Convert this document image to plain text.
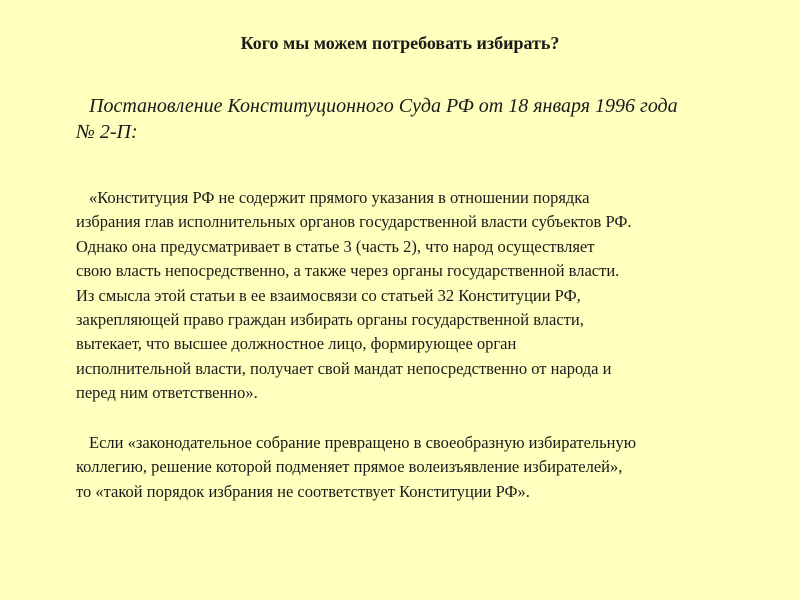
Кого мы можем потребовать избирать?

Постановление Конституционного Суда РФ от 18 января 1996 года
№ 2-П:

«Конституция РФ не содержит прямого указания в отношении порядка
избрания глав исполнительных органов государственной власти субъектов РФ.
Однако она предусматривает в статье 3 (часть 2), что народ осуществляет
свою власть непосредственно, а также через органы государственной власти.
Из смысла этой статьи в ее взаимосвязи со статьей 32 Конституции РФ,
закрепляющей право граждан избирать органы государственной власти,
вытекает, что высшее должностное лицо, формирующее орган
исполнительной власти, получает свой мандат непосредственно от народа и
перед ним ответственно».

Если «законодательное собрание превращено в своеобразную избирательную
коллегию, решение которой подменяет прямое волеизъявление избирателей»,
то «такой порядок избрания не соответствует Конституции РФ».
